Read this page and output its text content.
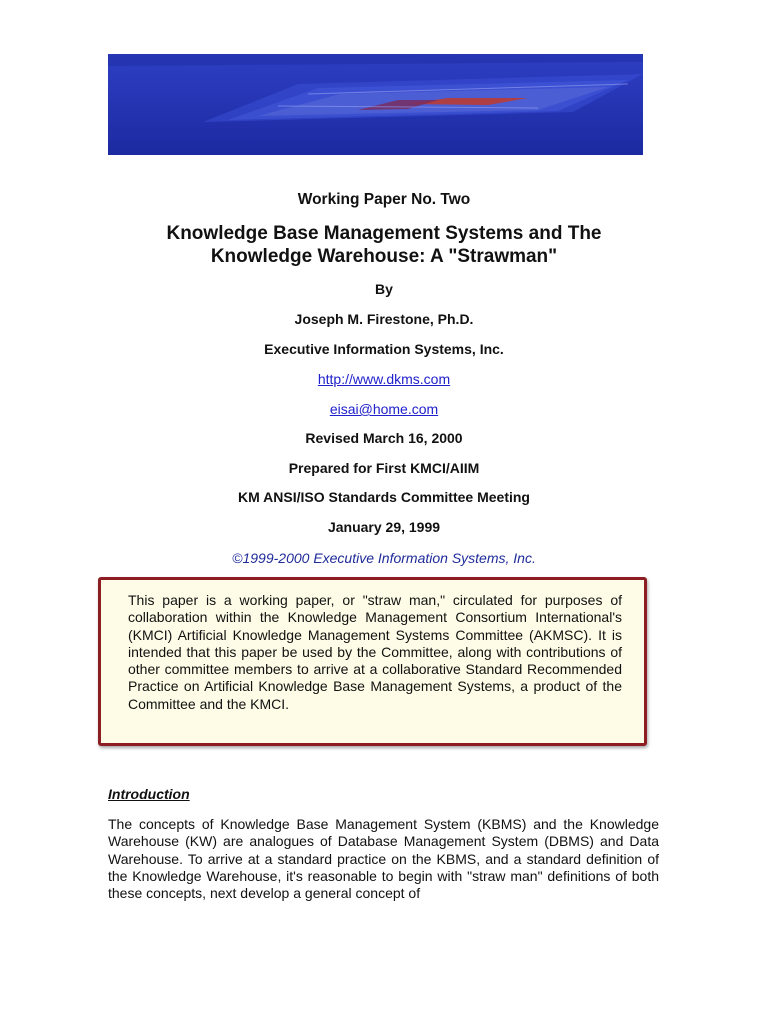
Working Paper No. Two
Knowledge Base Management Systems and The
Knowledge Warehouse: A "Strawman"
By
Joseph M. Firestone, Ph.D.
Executive Information Systems, Inc.
http://www.dkms.com
eisai@home.com
Revised March 16, 2000
Prepared for First KMCI/AIIM
KM ANSI/ISO Standards Committee Meeting
January 29, 1999
©1999-2000 Executive Information Systems, Inc.
This paper is a working paper, or "straw man," circulated for purposes of collaboration within the Knowledge Management Consortium International's (KMCI) Artificial Knowledge Management Systems Committee (AKMSC). It is intended that this paper be used by the Committee, along with contributions of other committee members to arrive at a collaborative Standard Recommended Practice on Artificial Knowledge Base Management Systems, a product of the Committee and the KMCI.
Introduction
The concepts of Knowledge Base Management System (KBMS) and the Knowledge Warehouse (KW) are analogues of Database Management System (DBMS) and Data Warehouse. To arrive at a standard practice on the KBMS, and a standard definition of the Knowledge Warehouse, it's reasonable to begin with "straw man" definitions of both these concepts, next develop a general concept of
